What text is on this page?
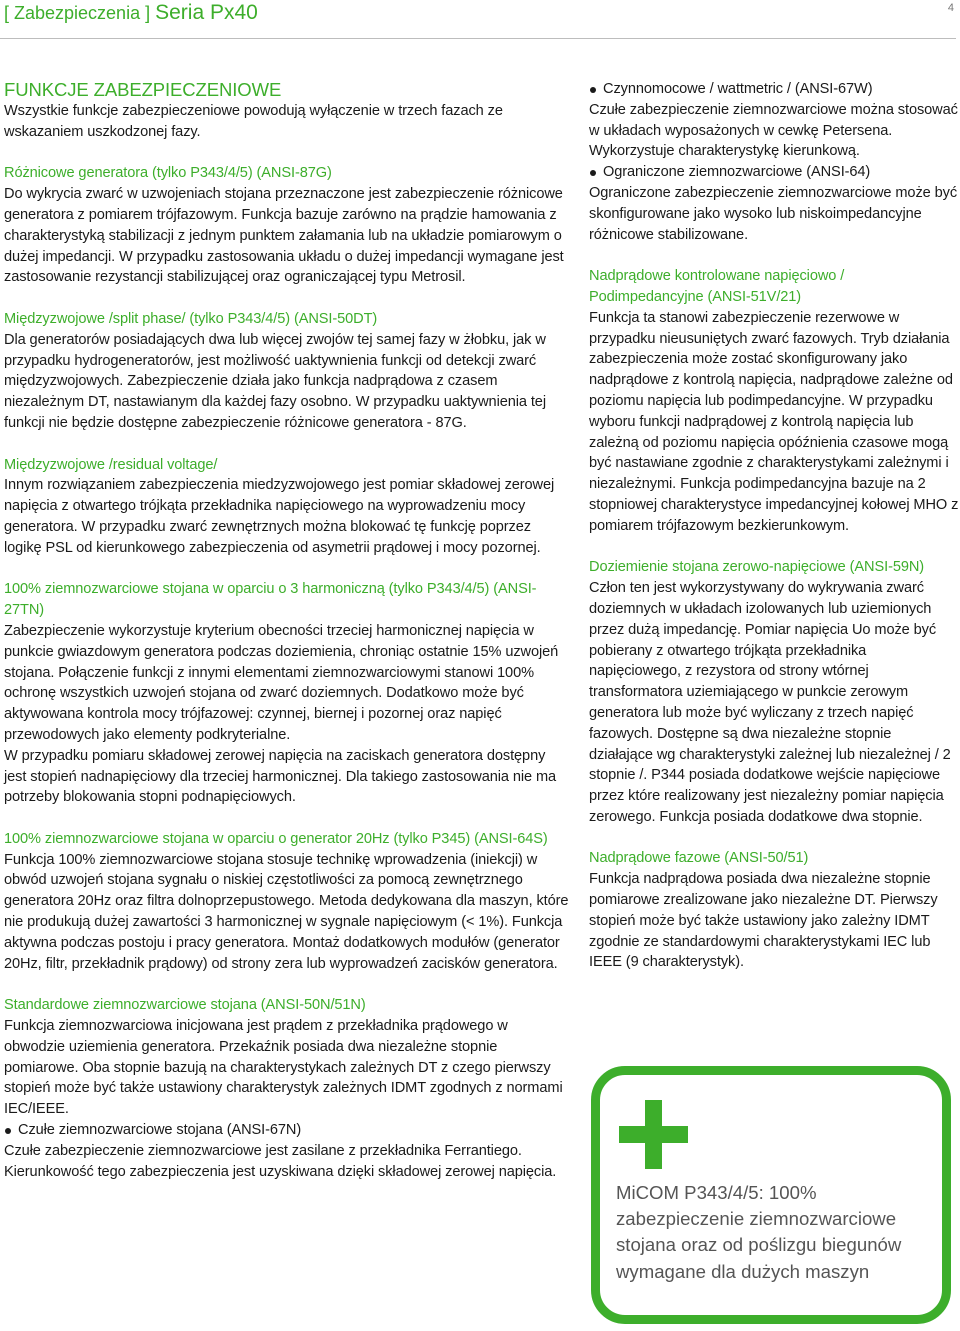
[ Zabezpieczenia ] Seria Px40	4
FUNKCJE ZABEZPIECZENIOWE

Wszystkie funkcje zabezpieczeniowe powodują wyłączenie w trzech fazach ze wskazaniem uszkodzonej fazy.

Różnicowe generatora (tylko P343/4/5) (ANSI-87G)

Do wykrycia zwarć w uzwojeniach stojana przeznaczone jest zabezpieczenie różnicowe generatora z pomiarem trójfazowym. Funkcja bazuje zarówno na prądzie hamowania z charakterystyką stabilizacji z jednym punktem załamania lub na układzie pomiarowym o dużej impedancji. W przypadku zastosowania układu o dużej impedancji wymagane jest zastosowanie rezystancji stabilizującej oraz ograniczającej typu Metrosil.

Międzyzwojowe /split phase/ (tylko P343/4/5) (ANSI-50DT)

Dla generatorów posiadających dwa lub więcej zwojów tej samej fazy w żłobku, jak w przypadku hydrogeneratorów, jest możliwość uaktywnienia funkcji od detekcji zwarć międzyzwojowych. Zabezpieczenie działa jako funkcja nadprądowa z czasem niezależnym DT, nastawianym dla każdej fazy osobno. W przypadku uaktywnienia tej funkcji nie będzie dostępne zabezpieczenie różnicowe generatora - 87G.

Międzyzwojowe /residual voltage/

Innym rozwiązaniem zabezpieczenia miedzyzwojowego jest pomiar składowej zerowej napięcia z otwartego trójkąta przekładnika napięciowego na wyprowadzeniu mocy generatora. W przypadku zwarć zewnętrznych można blokować tę funkcję poprzez logikę PSL od kierunkowego zabezpieczenia od asymetrii prądowej i mocy pozornej.

100% ziemnozwarciowe stojana w oparciu o 3 harmoniczną (tylko P343/4/5) (ANSI-27TN)

Zabezpieczenie wykorzystuje kryterium obecności trzeciej harmonicznej napięcia w punkcie gwiazdowym generatora podczas doziemienia, chroniąc ostatnie 15% uzwojeń stojana. Połączenie funkcji z innymi elementami ziemnozwarciowymi stanowi 100% ochronę wszystkich uzwojeń stojana od zwarć doziemnych. Dodatkowo może być aktywowana kontrola mocy trójfazowej: czynnej, biernej i pozornej oraz napięć przewodowych jako elementy podkryterialne.

W przypadku pomiaru składowej zerowej napięcia na zaciskach generatora dostępny jest stopień nadnapięciowy dla trzeciej harmonicznej. Dla takiego zastosowania nie ma potrzeby blokowania stopni podnapięciowych.

100% ziemnozwarciowe stojana w oparciu o generator 20Hz (tylko P345) (ANSI-64S)

Funkcja 100% ziemnozwarciowe stojana stosuje technikę wprowadzenia (iniekcji) w obwód uzwojeń stojana sygnału o niskiej częstotliwości za pomocą zewnętrznego generatora 20Hz oraz filtra dolnoprzepustowego. Metoda dedykowana dla maszyn, które nie produkują dużej zawartości 3 harmonicznej w sygnale napięciowym (< 1%). Funkcja aktywna podczas postoju i pracy generatora. Montaż dodatkowych modułów (generator 20Hz, filtr, przekładnik prądowy) od strony zera lub wyprowadzeń zacisków generatora.

Standardowe ziemnozwarciowe stojana (ANSI-50N/51N)

Funkcja ziemnozwarciowa inicjowana jest prądem z przekładnika prądowego w obwodzie uziemienia generatora. Przekaźnik posiada dwa niezależne stopnie pomiarowe. Oba stopnie bazują na charakterystykach zależnych DT z czego pierwszy stopień może być także ustawiony charakterystyk zależnych IDMT zgodnych z normami IEC/IEEE.

Czułe ziemnozwarciowe stojana (ANSI-67N)

Czułe zabezpieczenie ziemnozwarciowe jest zasilane z przekładnika Ferrantiego. Kierunkowość tego zabezpieczenia jest uzyskiwana dzięki składowej zerowej napięcia.

Czynnomocowe / wattmetric / (ANSI-67W)

Czułe zabezpieczenie ziemnozwarciowe można stosować w układach wyposażonych w cewkę Petersena. Wykorzystuje charakterystykę kierunkową.

Ograniczone ziemnozwarciowe (ANSI-64)

Ograniczone zabezpieczenie ziemnozwarciowe może być skonfigurowane jako wysoko lub niskoimpedancyjne różnicowe stabilizowane.

Nadprądowe kontrolowane napięciowo / Podimpedancyjne (ANSI-51V/21)

Funkcja ta stanowi zabezpieczenie rezerwowe w przypadku nieusuniętych zwarć fazowych. Tryb działania zabezpieczenia może zostać skonfigurowany jako nadprądowe z kontrolą napięcia, nadprądowe zależne od poziomu napięcia lub podimpedancyjne. W przypadku wyboru funkcji nadprądowej z kontrolą napięcia lub zależną od poziomu napięcia opóźnienia czasowe mogą być nastawiane zgodnie z charakterystykami zależnymi i niezależnymi. Funkcja podimpedancyjna bazuje na 2 stopniowej charakterystyce impedancyjnej kołowej MHO z pomiarem trójfazowym bezkierunkowym.

Doziemienie stojana zerowo-napięciowe (ANSI-59N)

Człon ten jest wykorzystywany do wykrywania zwarć doziemnych w układach izolowanych lub uziemionych przez dużą impedancję. Pomiar napięcia Uo może być pobierany z otwartego trójkąta przekładnika napięciowego, z rezystora od strony wtórnej transformatora uziemiającego w punkcie zerowym generatora lub może być wyliczany z trzech napięć fazowych. Dostępne są dwa niezależne stopnie działające wg charakterystyki zależnej lub niezależnej / 2 stopnie /. P344 posiada dodatkowe wejście napięciowe przez które realizowany jest niezależny pomiar napięcia zerowego. Funkcja posiada dodatkowe dwa stopnie.

Nadprądowe fazowe (ANSI-50/51)

Funkcja nadprądowa posiada dwa niezależne stopnie pomiarowe zrealizowane jako niezależne DT. Pierwszy stopień może być także ustawiony jako zależny IDMT zgodnie ze standardowymi charakterystykami IEC lub IEEE (9 charakterystyk).

MiCOM P343/4/5: 100% zabezpieczenie ziemnozwarciowe stojana oraz od poślizgu biegunów wymagane dla dużych maszyn
